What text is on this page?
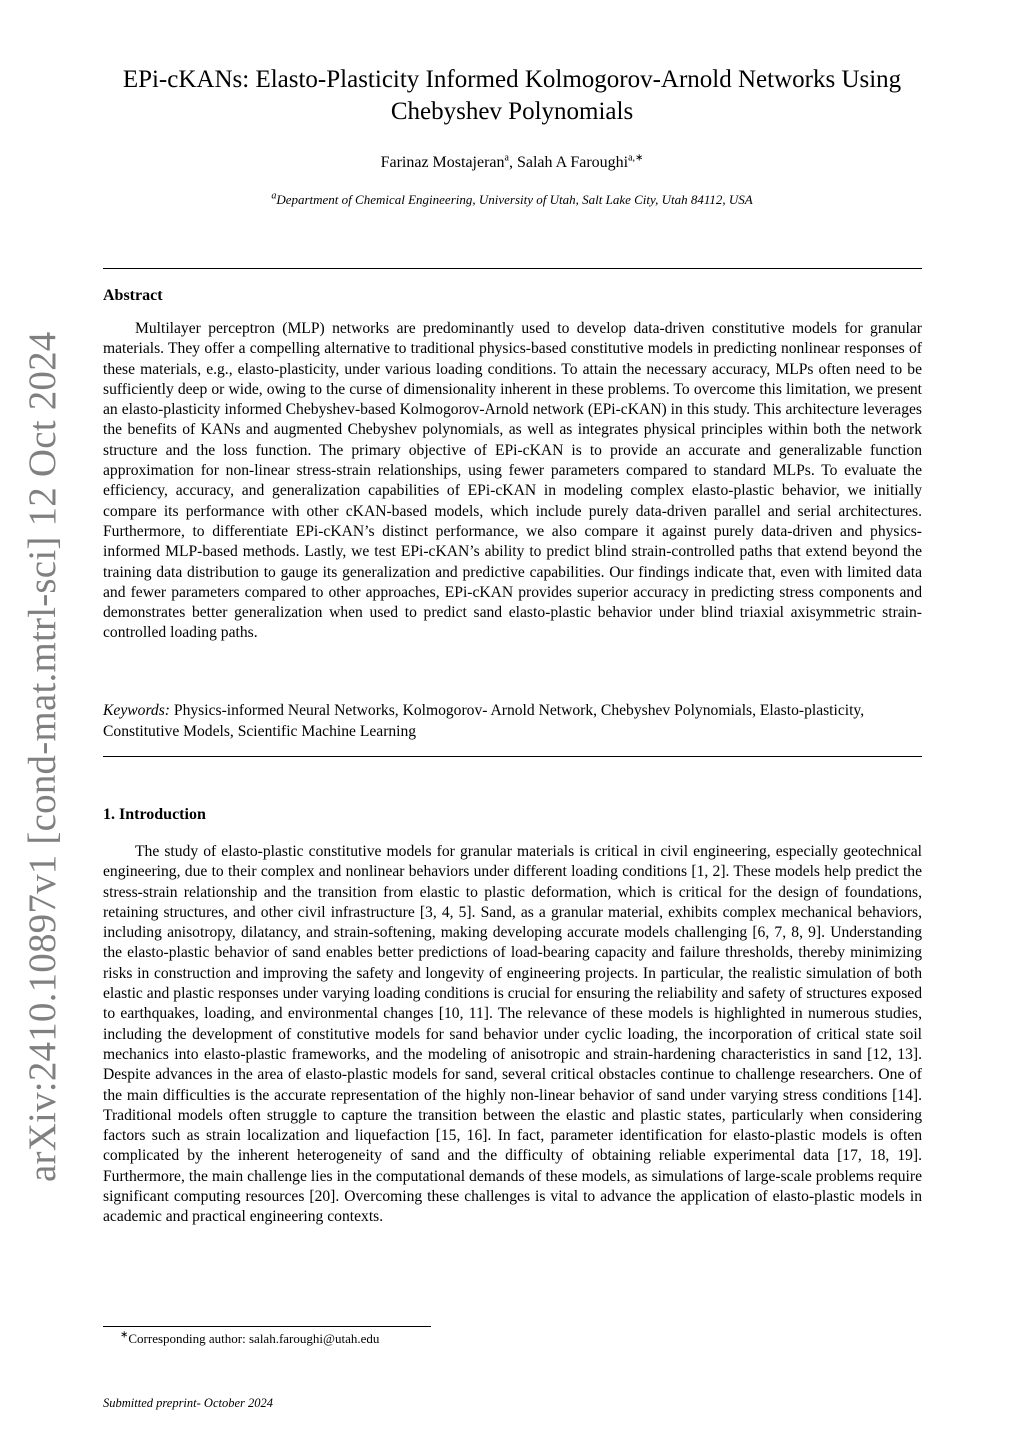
arXiv:2410.10897v1 [cond-mat.mtrl-sci] 12 Oct 2024
EPi-cKANs: Elasto-Plasticity Informed Kolmogorov-Arnold Networks Using
Chebyshev Polynomials
Farinaz Mostajeran$^a$, Salah A Faroughi$^{a,∗}$
$^a$Department of Chemical Engineering, University of Utah, Salt Lake City, Utah 84112, USA
Abstract

Multilayer perceptron (MLP) networks are predominantly used to develop data-driven constitutive models for granular materials. They offer a compelling alternative to traditional physics-based constitutive models in predicting nonlinear responses of these materials, e.g., elasto-plasticity, under various loading conditions. To attain the necessary accuracy, MLPs often need to be sufficiently deep or wide, owing to the curse of dimensionality inherent in these problems. To overcome this limitation, we present an elasto-plasticity informed Chebyshev-based Kolmogorov-Arnold network (EPi-cKAN) in this study. This architecture leverages the benefits of KANs and augmented Chebyshev polynomials, as well as integrates physical principles within both the network structure and the loss function. The primary objective of EPi-cKAN is to provide an accurate and generalizable function approximation for non-linear stress-strain relationships, using fewer parameters compared to standard MLPs. To evaluate the efficiency, accuracy, and generalization capabilities of EPi-cKAN in modeling complex elasto-plastic behavior, we initially compare its performance with other cKAN-based models, which include purely data-driven parallel and serial architectures. Furthermore, to differentiate EPi-cKAN’s distinct performance, we also compare it against purely data-driven and physics-informed MLP-based methods. Lastly, we test EPi-cKAN’s ability to predict blind strain-controlled paths that extend beyond the training data distribution to gauge its generalization and predictive capabilities. Our findings indicate that, even with limited data and fewer parameters compared to other approaches, EPi-cKAN provides superior accuracy in predicting stress components and demonstrates better generalization when used to predict sand elasto-plastic behavior under blind triaxial axisymmetric strain-controlled loading paths.

Keywords: Physics-informed Neural Networks, Kolmogorov- Arnold Network, Chebyshev Polynomials, Elasto-plasticity, Constitutive Models, Scientific Machine Learning
1. Introduction

The study of elasto-plastic constitutive models for granular materials is critical in civil engineering, especially geotechnical engineering, due to their complex and nonlinear behaviors under different loading conditions [1, 2]. These models help predict the stress-strain relationship and the transition from elastic to plastic deformation, which is critical for the design of foundations, retaining structures, and other civil infrastructure [3, 4, 5]. Sand, as a granular material, exhibits complex mechanical behaviors, including anisotropy, dilatancy, and strain-softening, making developing accurate models challenging [6, 7, 8, 9]. Understanding the elasto-plastic behavior of sand enables better predictions of load-bearing capacity and failure thresholds, thereby minimizing risks in construction and improving the safety and longevity of engineering projects. In particular, the realistic simulation of both elastic and plastic responses under varying loading conditions is crucial for ensuring the reliability and safety of structures exposed to earthquakes, loading, and environmental changes [10, 11]. The relevance of these models is highlighted in numerous studies, including the development of constitutive models for sand behavior under cyclic loading, the incorporation of critical state soil mechanics into elasto-plastic frameworks, and the modeling of anisotropic and strain-hardening characteristics in sand [12, 13]. Despite advances in the area of elasto-plastic models for sand, several critical obstacles continue to challenge researchers. One of the main difficulties is the accurate representation of the highly non-linear behavior of sand under varying stress conditions [14]. Traditional models often struggle to capture the transition between the elastic and plastic states, particularly when considering factors such as strain localization and liquefaction [15, 16]. In fact, parameter identification for elasto-plastic models is often complicated by the inherent heterogeneity of sand and the difficulty of obtaining reliable experimental data [17, 18, 19]. Furthermore, the main challenge lies in the computational demands of these models, as simulations of large-scale problems require significant computing resources [20]. Overcoming these challenges is vital to advance the application of elasto-plastic models in academic and practical engineering contexts.

∗Corresponding author: salah.faroughi@utah.edu
Submitted preprint- October 2024
